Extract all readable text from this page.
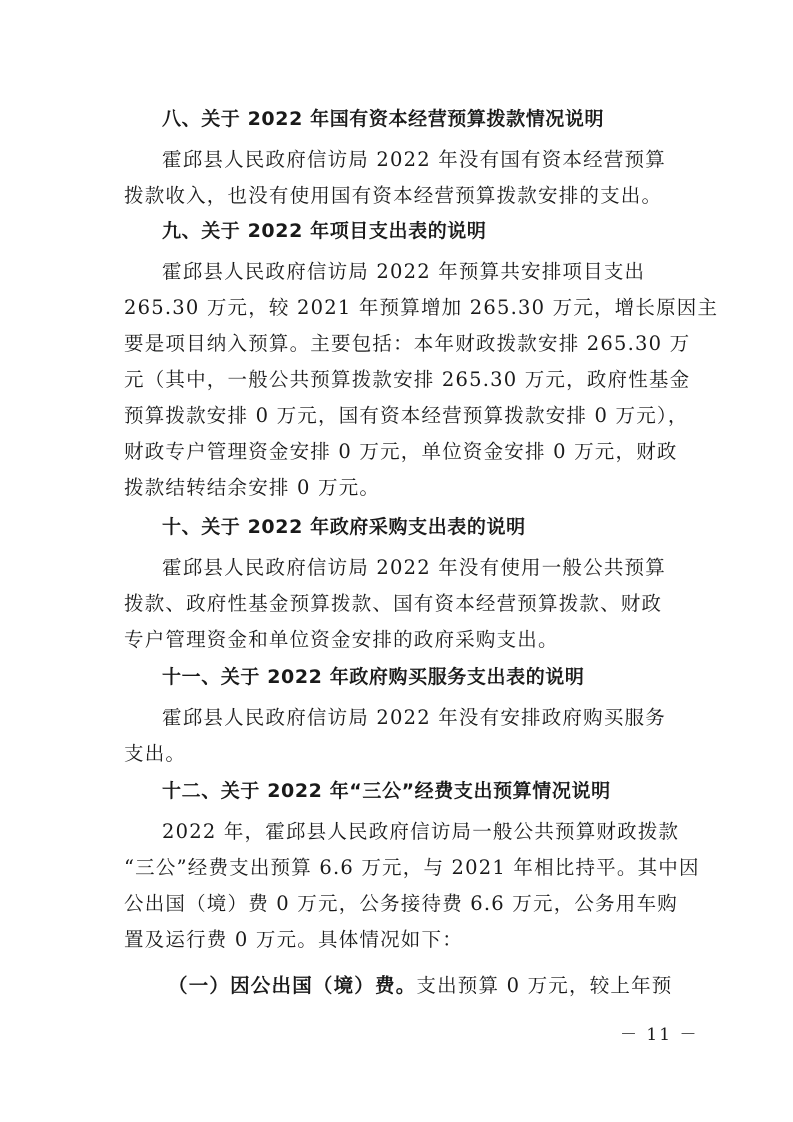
八、关于 2022 年国有资本经营预算拨款情况说明
霍邱县人民政府信访局 2022 年没有国有资本经营预算
拨款收入，也没有使用国有资本经营预算拨款安排的支出。
九、关于 2022 年项目支出表的说明
霍邱县人民政府信访局 2022 年预算共安排项目支出
265.30 万元，较 2021 年预算增加 265.30 万元，增长原因主
要是项目纳入预算。主要包括：本年财政拨款安排 265.30 万
元（其中，一般公共预算拨款安排 265.30 万元，政府性基金
预算拨款安排 0 万元，国有资本经营预算拨款安排 0 万元），
财政专户管理资金安排 0 万元，单位资金安排 0 万元，财政
拨款结转结余安排 0 万元。
十、关于 2022 年政府采购支出表的说明
霍邱县人民政府信访局 2022 年没有使用一般公共预算
拨款、政府性基金预算拨款、国有资本经营预算拨款、财政
专户管理资金和单位资金安排的政府采购支出。
十一、关于 2022 年政府购买服务支出表的说明
霍邱县人民政府信访局 2022 年没有安排政府购买服务
支出。
十二、关于 2022 年“三公”经费支出预算情况说明
2022 年，霍邱县人民政府信访局一般公共预算财政拨款
“三公”经费支出预算 6.6 万元，与 2021 年相比持平。其中因
公出国（境）费 0 万元，公务接待费 6.6 万元，公务用车购
置及运行费 0 万元。具体情况如下：
（一）因公出国（境）费。支出预算 0 万元，较上年预
－ 11 －
